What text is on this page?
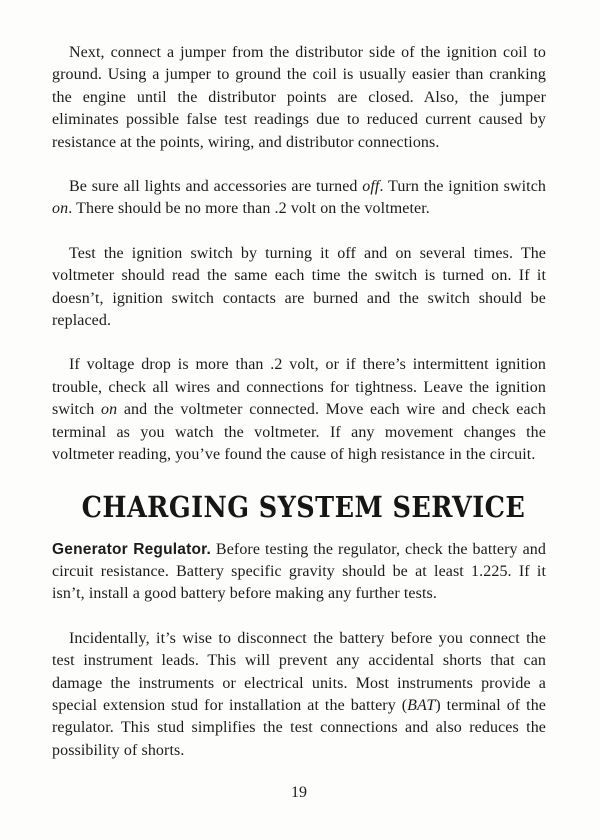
Next, connect a jumper from the distributor side of the ignition coil to ground. Using a jumper to ground the coil is usually easier than cranking the engine until the distributor points are closed. Also, the jumper eliminates possible false test readings due to reduced current caused by resistance at the points, wiring, and distributor connections.

Be sure all lights and accessories are turned off. Turn the ignition switch on. There should be no more than .2 volt on the voltmeter.

Test the ignition switch by turning it off and on several times. The voltmeter should read the same each time the switch is turned on. If it doesn’t, ignition switch contacts are burned and the switch should be replaced.

If voltage drop is more than .2 volt, or if there’s intermittent ignition trouble, check all wires and connections for tightness. Leave the ignition switch on and the voltmeter connected. Move each wire and check each terminal as you watch the voltmeter. If any movement changes the voltmeter reading, you’ve found the cause of high resistance in the circuit.

CHARGING SYSTEM SERVICE

Generator Regulator. Before testing the regulator, check the battery and circuit resistance. Battery specific gravity should be at least 1.225. If it isn’t, install a good battery before making any further tests.

Incidentally, it’s wise to disconnect the battery before you connect the test instrument leads. This will prevent any accidental shorts that can damage the instruments or electrical units. Most instruments provide a special extension stud for installation at the battery (BAT) terminal of the regulator. This stud simplifies the test connections and also reduces the possibility of shorts.

19
